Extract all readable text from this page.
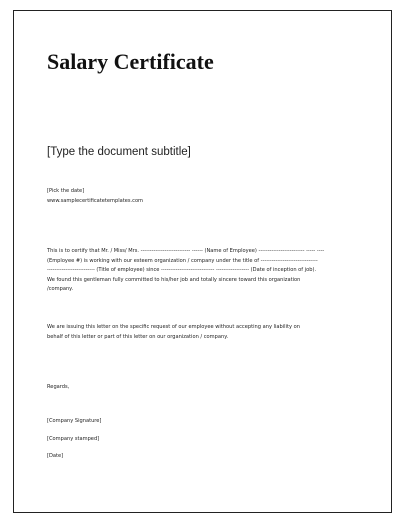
Salary Certificate
[Type the document subtitle]
[Pick the date]
www.samplecertificatetemplates.com
This is to certify that Mr. / Miss/ Mrs. --------------------------- ------ (Name of Employee) ------------------------- ----- ----
(Employee #) is working with our esteem organization / company under the title of -------------------------------
-------------------------- (Title of employee) since ----------------------------- ------------------ (Date of inception of job).
We found this gentleman fully committed to his/her job and totally sincere toward this organization
/company.
We are issuing this letter on the specific request of our employee without accepting any liability on
behalf of this letter or part of this letter on our organization / company.
Regards,
[Company Signature]
[Company stamped]
[Date]
